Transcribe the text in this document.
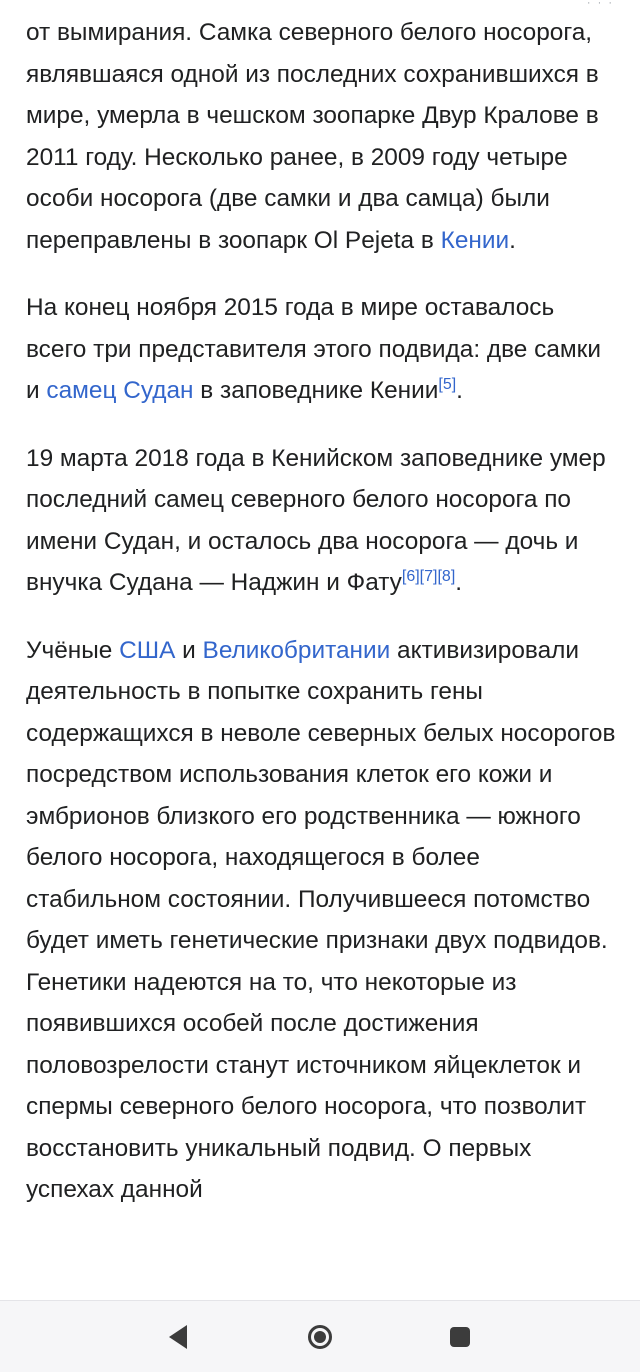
· · ·

от вымирания. Самка северного белого носорога, являвшаяся одной из последних сохранившихся в мире, умерла в чешском зоопарке Двур Кралове в 2011 году. Несколько ранее, в 2009 году четыре особи носорога (две самки и два самца) были переправлены в зоопарк Ol Pejeta в Кении.

На конец ноября 2015 года в мире оставалось всего три представителя этого подвида: две самки и самец Судан в заповеднике Кении[5].

19 марта 2018 года в Кенийском заповеднике умер последний самец северного белого носорога по имени Судан, и осталось два носорога — дочь и внучка Судана — Наджин и Фату[6][7][8].

Учёные США и Великобритании активизировали деятельность в попытке сохранить гены содержащихся в неволе северных белых носорогов посредством использования клеток его кожи и эмбрионов близкого его родственника — южного белого носорога, находящегося в более стабильном состоянии. Получившееся потомство будет иметь генетические признаки двух подвидов. Генетики надеются на то, что некоторые из появившихся особей после достижения половозрелости станут источником яйцеклеток и спермы северного белого носорога, что позволит восстановить уникальный подвид. О первых успехах данной
